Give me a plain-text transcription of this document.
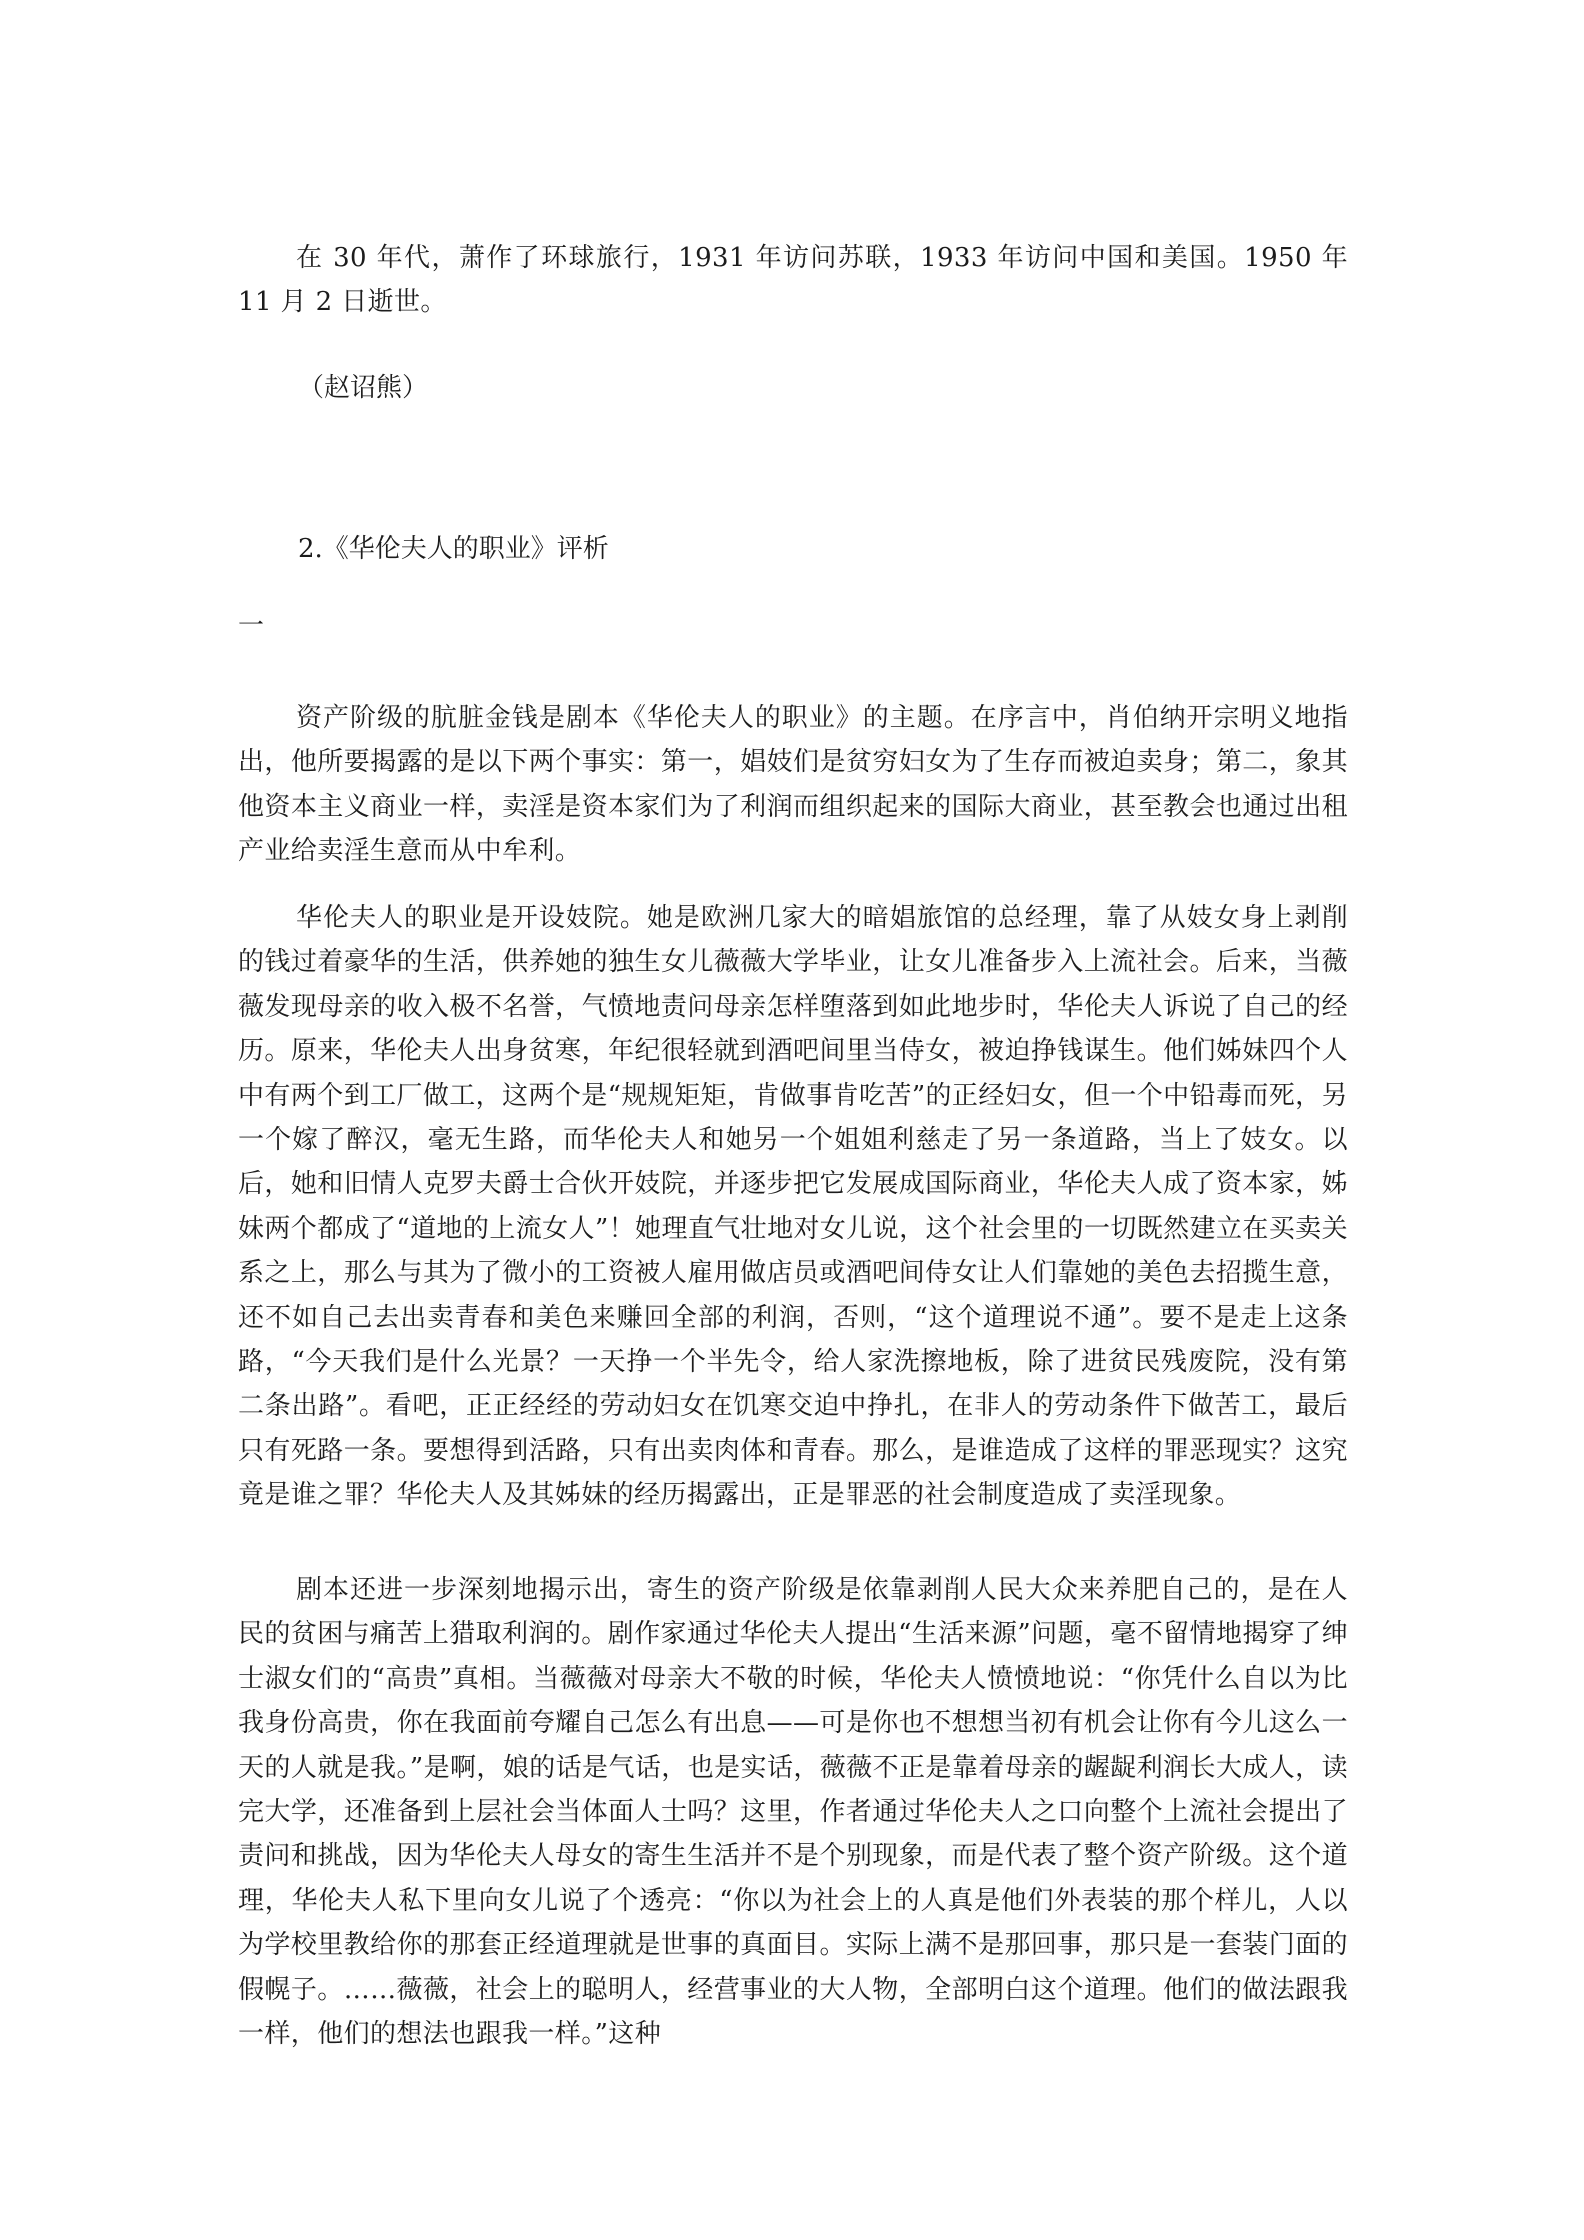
在 30 年代，萧作了环球旅行，1931 年访问苏联，1933 年访问中国和美国。1950 年 11 月 2 日逝世。

（赵诏熊）

2.《华伦夫人的职业》评析

一

资产阶级的肮脏金钱是剧本《华伦夫人的职业》的主题。在序言中，肖伯纳开宗明义地指出，他所要揭露的是以下两个事实：第一，娼妓们是贫穷妇女为了生存而被迫卖身；第二，象其他资本主义商业一样，卖淫是资本家们为了利润而组织起来的国际大商业，甚至教会也通过出租产业给卖淫生意而从中牟利。

华伦夫人的职业是开设妓院。她是欧洲几家大的暗娼旅馆的总经理，靠了从妓女身上剥削的钱过着豪华的生活，供养她的独生女儿薇薇大学毕业，让女儿准备步入上流社会。后来，当薇薇发现母亲的收入极不名誉，气愤地责问母亲怎样堕落到如此地步时，华伦夫人诉说了自己的经历。原来，华伦夫人出身贫寒，年纪很轻就到酒吧间里当侍女，被迫挣钱谋生。他们姊妹四个人中有两个到工厂做工，这两个是“规规矩矩，肯做事肯吃苦”的正经妇女，但一个中铅毒而死，另一个嫁了醉汉，毫无生路，而华伦夫人和她另一个姐姐利慈走了另一条道路，当上了妓女。以后，她和旧情人克罗夫爵士合伙开妓院，并逐步把它发展成国际商业，华伦夫人成了资本家，姊妹两个都成了“道地的上流女人”！她理直气壮地对女儿说，这个社会里的一切既然建立在买卖关系之上，那么与其为了微小的工资被人雇用做店员或酒吧间侍女让人们靠她的美色去招揽生意，还不如自己去出卖青春和美色来赚回全部的利润，否则，“这个道理说不通”。要不是走上这条路，“今天我们是什么光景？一天挣一个半先令，给人家洗擦地板，除了进贫民残废院，没有第二条出路”。看吧，正正经经的劳动妇女在饥寒交迫中挣扎，在非人的劳动条件下做苦工，最后只有死路一条。要想得到活路，只有出卖肉体和青春。那么，是谁造成了这样的罪恶现实？这究竟是谁之罪？华伦夫人及其姊妹的经历揭露出，正是罪恶的社会制度造成了卖淫现象。

剧本还进一步深刻地揭示出，寄生的资产阶级是依靠剥削人民大众来养肥自己的，是在人民的贫困与痛苦上猎取利润的。剧作家通过华伦夫人提出“生活来源”问题，毫不留情地揭穿了绅士淑女们的“高贵”真相。当薇薇对母亲大不敬的时候，华伦夫人愤愤地说：“你凭什么自以为比我身份高贵，你在我面前夸耀自己怎么有出息——可是你也不想想当初有机会让你有今儿这么一天的人就是我。”是啊，娘的话是气话，也是实话，薇薇不正是靠着母亲的龌龊利润长大成人，读完大学，还准备到上层社会当体面人士吗？这里，作者通过华伦夫人之口向整个上流社会提出了责问和挑战，因为华伦夫人母女的寄生生活并不是个别现象，而是代表了整个资产阶级。这个道理，华伦夫人私下里向女儿说了个透亮：“你以为社会上的人真是他们外表装的那个样儿，人以为学校里教给你的那套正经道理就是世事的真面目。实际上满不是那回事，那只是一套装门面的假幌子。……薇薇，社会上的聪明人，经营事业的大人物，全部明白这个道理。他们的做法跟我一样，他们的想法也跟我一样。”这种
